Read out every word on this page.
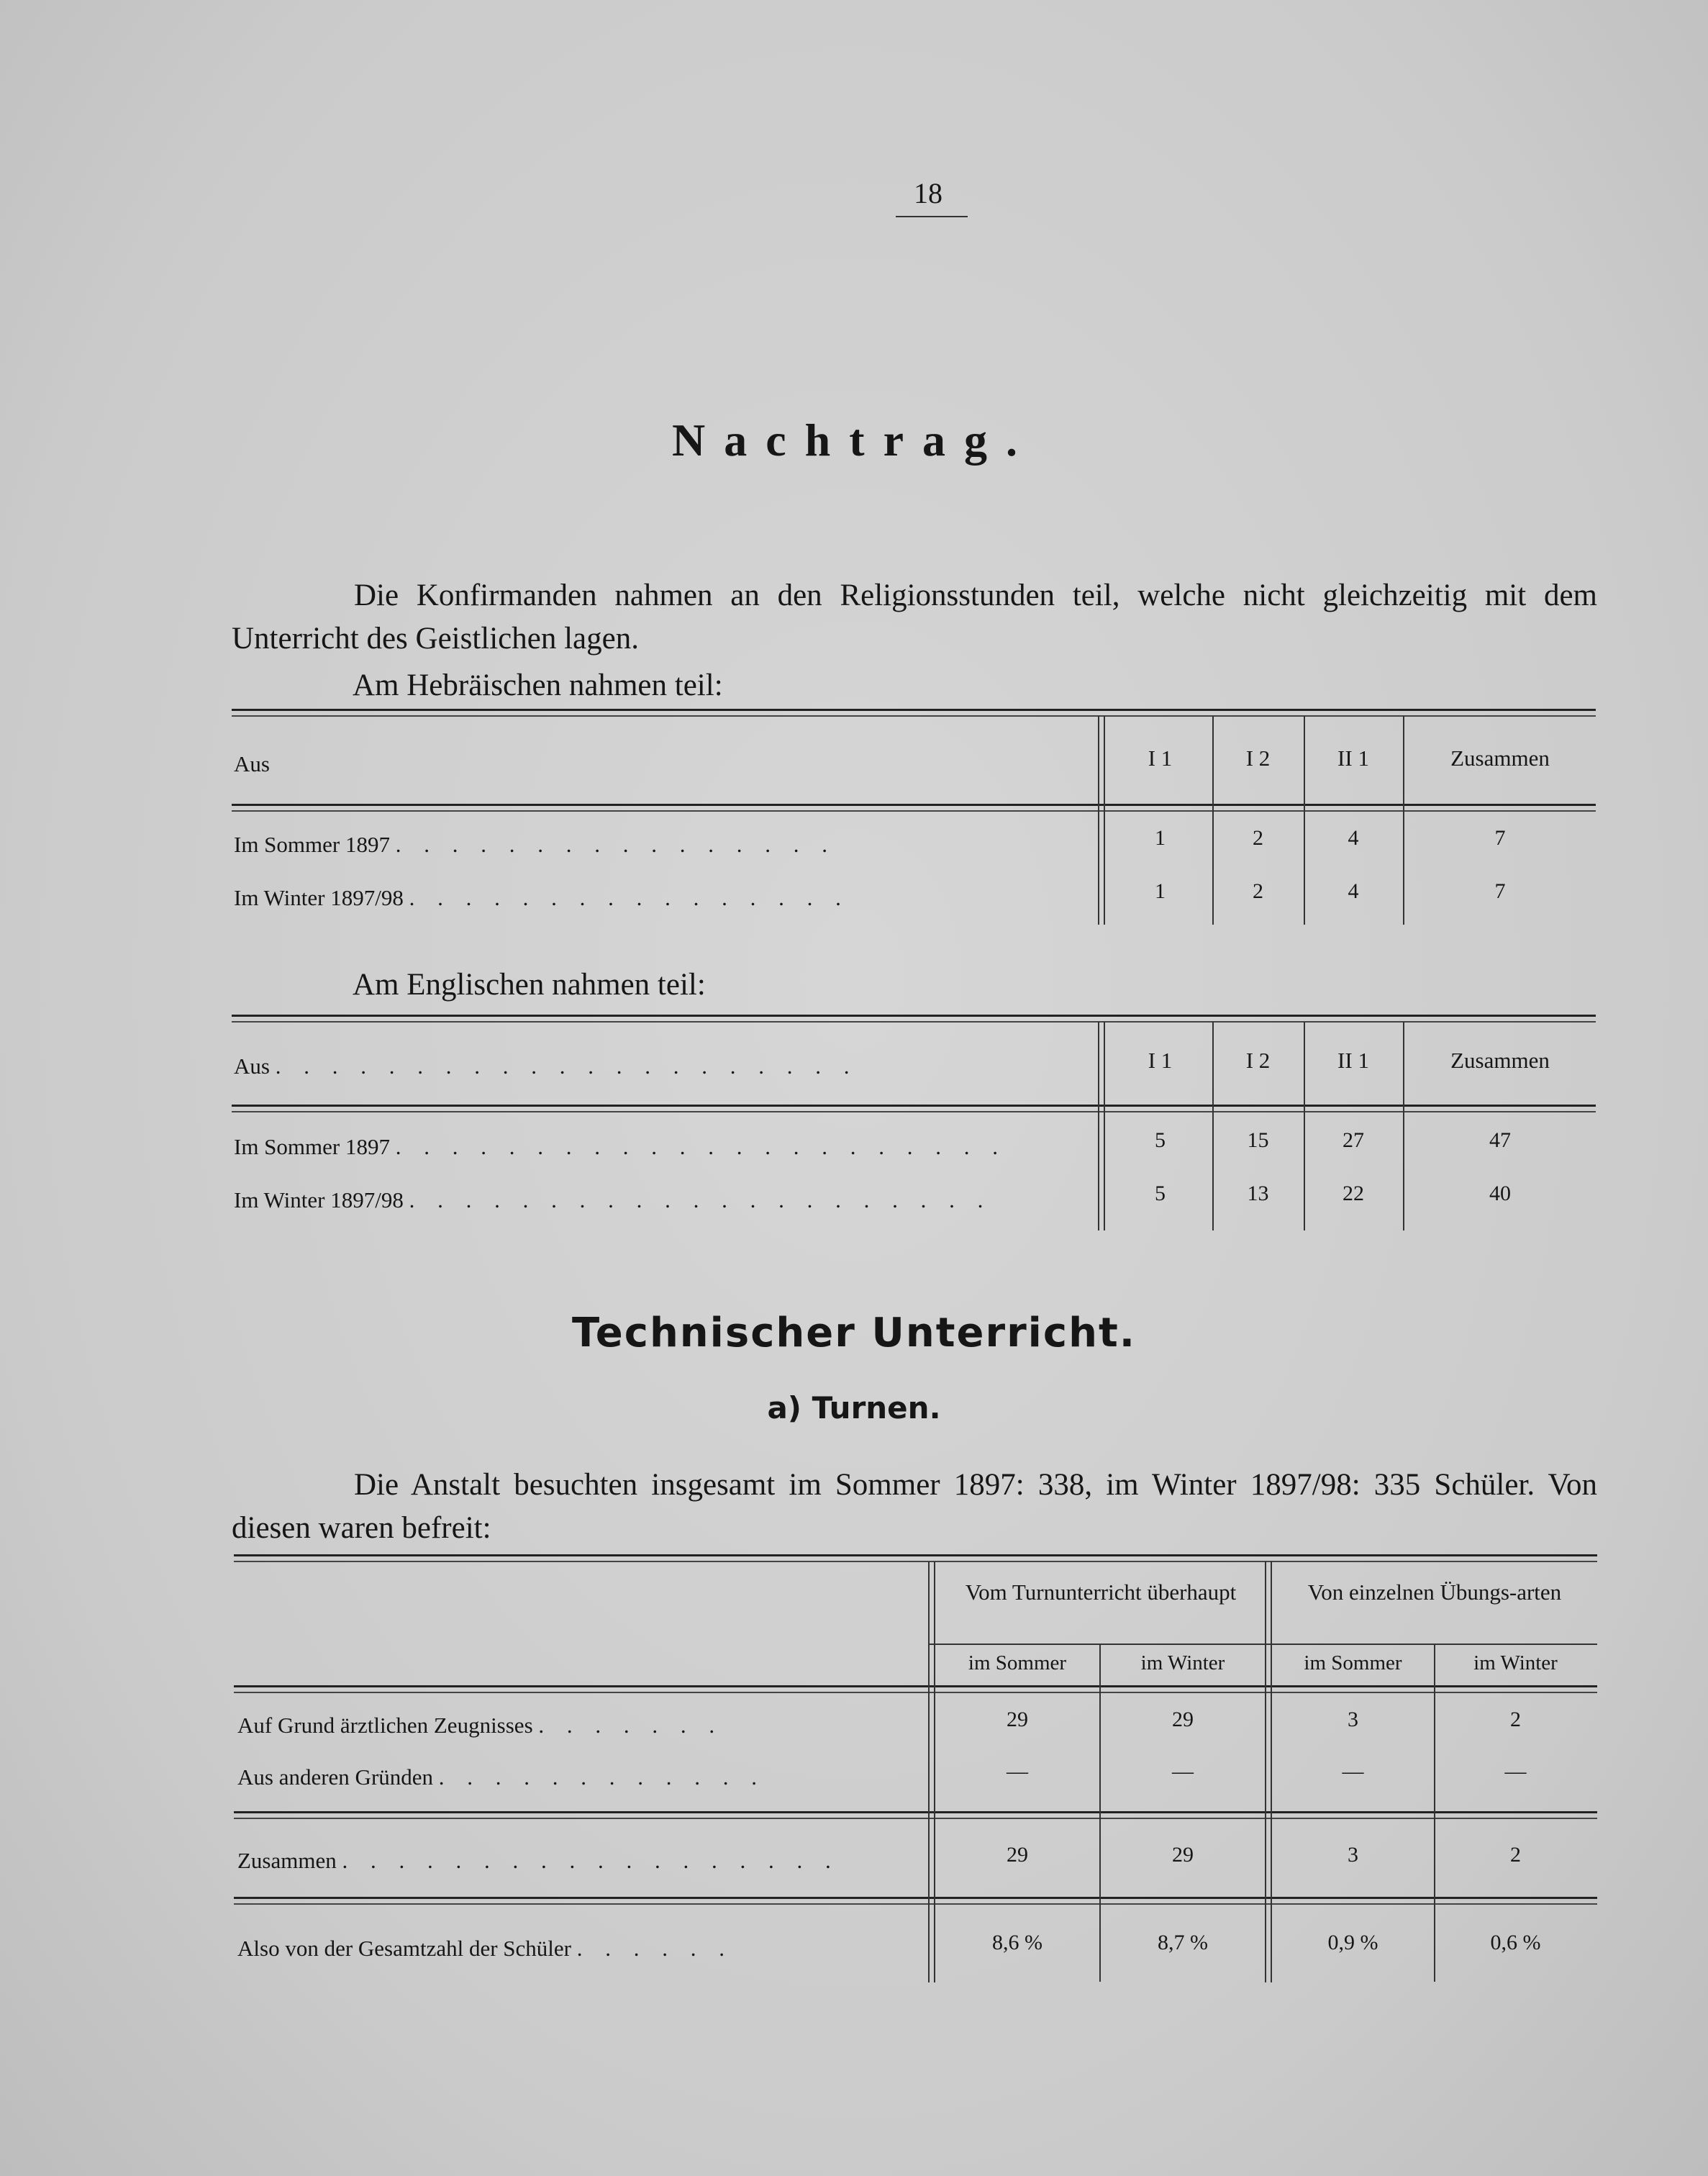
18
Nachtrag.
Die Konfirmanden nahmen an den Religionsstunden teil, welche nicht gleichzeitig mit dem Unterricht des Geistlichen lagen.
Am Hebräischen nahmen teil:
Aus	I 1	I 2	II 1	Zusammen
Im Sommer 1897 . . . . . . . . . . . . . . . .	1	2	4	7
Im Winter 1897/98 . . . . . . . . . . . . . . . .	1	2	4	7
Am Englischen nahmen teil:
Aus . . . . . . . . . . . . . . . . . . . . .	I 1	I 2	II 1	Zusammen
Im Sommer 1897 . . . . . . . . . . . . . . . . . . . . . .	5	15	27	47
Im Winter 1897/98 . . . . . . . . . . . . . . . . . . . . .	5	13	22	40
Technischer Unterricht.
a) Turnen.
Die Anstalt besuchten insgesamt im Sommer 1897: 338, im Winter 1897/98: 335 Schüler. Von diesen waren befreit:
Vom Turnunterricht überhaupt	Von einzelnen Übungs-arten
im Sommer	im Winter	im Sommer	im Winter
Auf Grund ärztlichen Zeugnisses . . . . . . .	29	29	3	2
Aus anderen Gründen . . . . . . . . . . . .	—	—	—	—
Zusammen . . . . . . . . . . . . . . . . . .	29	29	3	2
Also von der Gesamtzahl der Schüler . . . . . .	8,6 %	8,7 %	0,9 %	0,6 %
